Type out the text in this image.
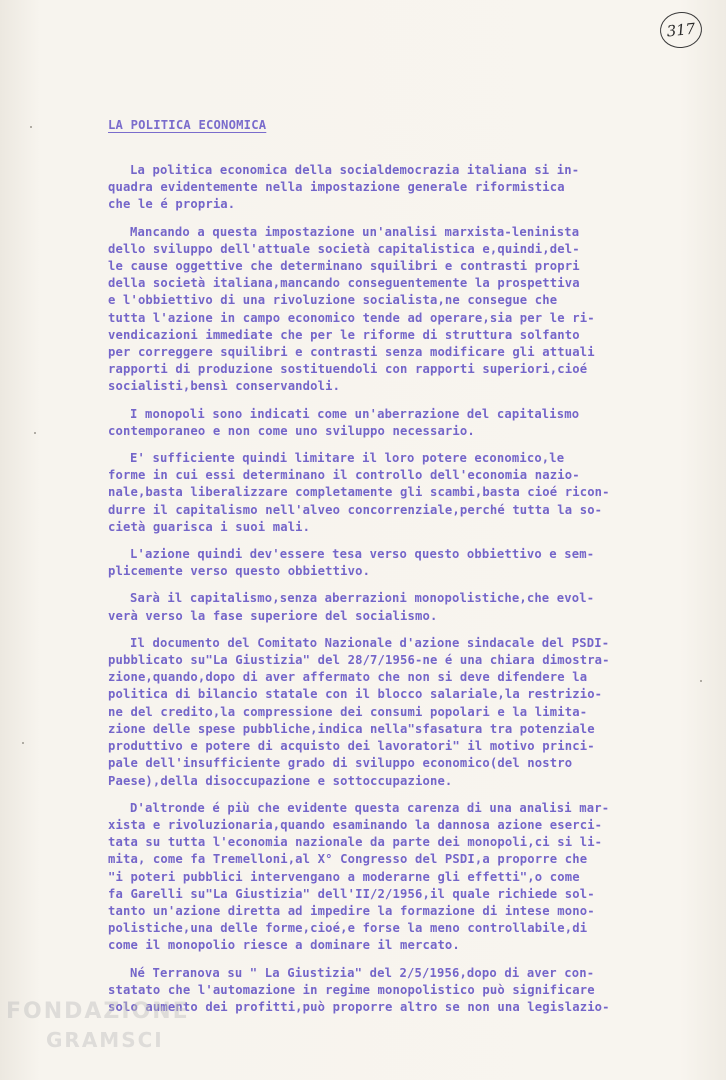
317
LA POLITICA ECONOMICA
La politica economica della socialdemocrazia italiana si in-
quadra evidentemente nella impostazione generale riformistica
che le é propria.
Mancando a questa impostazione un'analisi marxista-leninista
dello sviluppo dell'attuale società capitalistica e,quindi,del-
le cause oggettive che determinano squilibri e contrasti propri
della società italiana,mancando conseguentemente la prospettiva
e l'obbiettivo di una rivoluzione socialista,ne consegue che
tutta l'azione in campo economico tende ad operare,sia per le ri-
vendicazioni immediate che per le riforme di struttura solfanto
per correggere squilibri e contrasti senza modificare gli attuali
rapporti di produzione sostituendoli con rapporti superiori,cioé
socialisti,bensì conservandoli.
I monopoli sono indicati come un'aberrazione del capitalismo
contemporaneo e non come uno sviluppo necessario.
E' sufficiente quindi limitare il loro potere economico,le
forme in cui essi determinano il controllo dell'economia nazio-
nale,basta liberalizzare completamente gli scambi,basta cioé ricon-
durre il capitalismo nell'alveo concorrenziale,perché tutta la so-
cietà guarisca i suoi mali.
L'azione quindi dev'essere tesa verso questo obbiettivo e sem-
plicemente verso questo obbiettivo.
Sarà il capitalismo,senza aberrazioni monopolistiche,che evol-
verà verso la fase superiore del socialismo.
Il documento del Comitato Nazionale d'azione sindacale del PSDI-
pubblicato su"La Giustizia" del 28/7/1956-ne é una chiara dimostra-
zione,quando,dopo di aver affermato che non si deve difendere la
politica di bilancio statale con il blocco salariale,la restrizio-
ne del credito,la compressione dei consumi popolari e la limita-
zione delle spese pubbliche,indica nella"sfasatura tra potenziale
produttivo e potere di acquisto dei lavoratori" il motivo princi-
pale dell'insufficiente grado di sviluppo economico(del nostro
Paese),della disoccupazione e sottoccupazione.
D'altronde é più che evidente questa carenza di una analisi mar-
xista e rivoluzionaria,quando esaminando la dannosa azione eserci-
tata su tutta l'economia nazionale da parte dei monopoli,ci si li-
mita, come fa Tremelloni,al X° Congresso del PSDI,a proporre che
"i poteri pubblici intervengano a moderarne gli effetti",o come
fa Garelli su"La Giustizia" dell'II/2/1956,il quale richiede sol-
tanto un'azione diretta ad impedire la formazione di intese mono-
polistiche,una delle forme,cioé,e forse la meno controllabile,di
come il monopolio riesce a dominare il mercato.
Né Terranova su " La Giustizia" del 2/5/1956,dopo di aver con-
statato che l'automazione in regime monopolistico può significare
solo aumento dei profitti,può proporre altro se non una legislazio-
FONDAZIONE
GRAMSCI
